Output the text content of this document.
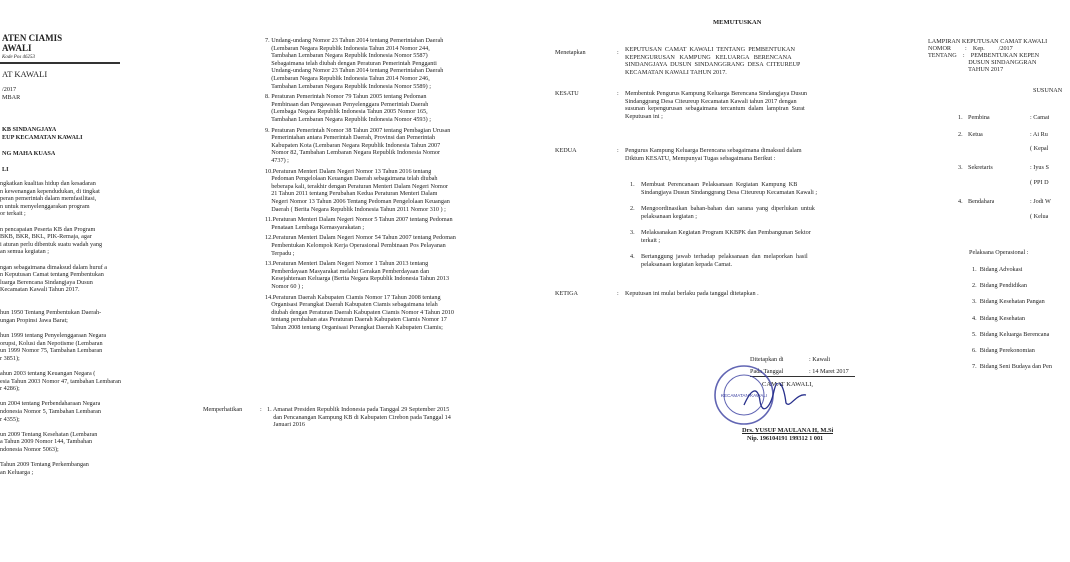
ATEN CIAMIS
AWALI
Kode Pos 46253
AT KAWALI
/2017
MBAR
KB SINDANGJAYA
EUP KECAMATAN KAWALI
NG MAHA KUASA
LI
ngkatkan kualitas hidup dan kesadaran
n kewenangan kependudukan, di tingkat
peran pemerintah dalam memfasilitasi,
n untuk menyelenggarakan program
or terkait ;
n pencapaian Peserta KB dan Program
BKB, BKR, BKL, PIK-Remaja, agar
i aturan perlu dibentuk suatu wadah yang
an semua kegiatan ;
ngan sebagaimana dimaksud dalam huruf a
n Keputusan Camat tentang Pembentukan
luarga Berencana Sindangjaya Dusun
Kecamatan Kawali Tahun 2017.
hun 1950 Tentang Pembentukan Daerah-
ungan Propinsi Jawa Barat;
hun 1999 tentang Penyelenggaraan Negara
orupsi, Kolusi dan Nepotisme (Lembaran
un 1999 Nomor 75, Tambahan Lembaran
r 3851);
ahun 2003 tentang Keuangan Negara (
esia Tahun 2003 Nomor 47, tambahan Lembaran
r 4286);
un 2004 tentang Perbendaharaan Negara
ndonesia Nomor 5, Tambahan Lembaran
r 4355);
un 2009 Tentang Kesehatan (Lembaran
a Tahun 2009 Nomor 144, Tambahan
ndonesia Nomor 5063);
Tahun 2009 Tentang Perkembangan
an Keluarga ;
7. Undang-undang Nomor 23 Tahun 2014 tentang Pemerintahan Daerah
(Lembaran Negara Republik Indonesia Tahun 2014 Nomor 244,
Tambahan Lembaran Negara Republik Indonesia Nomor 5587)
Sebagaimana telah diubah dengan Peraturan Pemerintah Pengganti
Undang-undang Nomor 23 Tahun 2014 tentang Pemerintahan Daerah
(Lembaran Negara Republik Indonesia Tahun 2014 Nomor 246,
Tambahan Lembaran Negara Republik Indonesia Nomor 5589) ;
8. Peraturan Pemerintah Nomor 79 Tahun 2005 tentang Pedoman
Pembinaan dan Pengawasan Penyelenggara Pemerintah Daerah
(Lembaga Negara Republik Indonesia Tahun 2005 Nomor 165,
Tambahan Lembaran Negara Republik Indonesia Nomor 4593) ;
9. Peraturan Pemerintah Nomor 38 Tahun 2007 tentang Pembagian Urusan
Pemerintahan antara Pemerintah Daerah, Provinsi dan Pemerintah
Kabupaten Kota (Lembaran Negara Republik Indonesia Tahun 2007
Nomor 82, Tambahan Lembaran Negara Republik Indonesia Nomor
4737) ;
10.Peraturan Menteri Dalam Negeri Nomor 13 Tahun 2016 tentang
Pedoman Pengelolaan Keuangan Daerah sebagaimana telah diubah
beberapa kali, terakhir dengan Peraturan Menteri Dalam Negeri Nomor
21 Tahun 2011 tentang Perubahan Kedua Peraturan Menteri Dalam
Negeri Nomor 13 Tahun 2006 Tentang Pedoman Pengelolaan Keuangan
Daerah ( Berita Negara Republik Indonesia Tahun 2011 Nomor 310 ) ;
11.Peraturan Menteri Dalam Negeri Nomor 5 Tahun 2007 tentang Pedoman
Penataan Lembaga Kemasyarakatan ;
12.Peraturan Menteri Dalam Negeri Nomor 54 Tahun 2007 tentang Pedoman
Pembentukan Kelompok Kerja Operasional Pembinaan Pos Pelayanan
Terpadu ;
13.Peraturan Menteri Dalam Negeri Nomor 1 Tahun 2013 tentang
Pemberdayaan Masyarakat melalui Gerakan Pemberdayaan dan
Kesejahteraan Keluarga (Berita Negara Republik Indonesia Tahun 2013
Nomor 60 ) ;
14.Peraturan Daerah Kabupaten Ciamis Nomor 17 Tahun 2008 tentang
Organisasi Perangkat Daerah Kabupaten Ciamis sebagaimana telah
diubah dengan Peraturan Daerah Kabupaten Ciamis Nomor 4 Tahun 2010
tentang perubahan atas Peraturan Daerah Kabupaten Ciamis Nomor 17
Tahun 2008 tentang Organisasi Perangkat Daerah Kabupaten Ciamis;
Memperhatikan	: 1. Amanat Presiden Republik Indonesia pada Tanggal 29 September 2015
dan Pencanangan Kampung KB di Kabupaten Cirebon pada Tanggal 14
Januari 2016
MEMUTUSKAN
Menetapkan	: KEPUTUSAN  CAMAT  KAWALI  TENTANG  PEMBENTUKAN
KEPENGURUSAN   KAMPUNG   KELUARGA   BERENCANA
SINDANGJAYA  DUSUN  SINDANGGRANG  DESA  CITEUREUP
KECAMATAN KAWALI TAHUN 2017.
KESATU	: Membentuk Pengurus Kampung Keluarga Berencana Sindangjaya Dusun
Sindanggrang Desa Citeureup Kecamatan Kawali tahun 2017 dengan
susunan  kepengurusan  sebagaimana  tercantum  dalam  lampiran  Surat
Keputusan ini ;
KEDUA	: Pengurus Kampung Keluarga Berencana sebagaimana dimaksud dalam
Diktum KESATU, Mempunyai Tugas sebagaimana Berikut :
1. Membuat  Perencanaan  Pelaksanaan  Kegiatan  Kampung  KB
Sindangjaya Dusun Sindanggrang Desa Citeureup Kecamatan Kawali ;
2. Mengoordinasikan  bahan-bahan  dan  sarana  yang  diperlukan  untuk
pelaksanaan kegiatan ;
3. Melaksanakan Kegiatan Program KKBPK dan Pembangunan Sektor
terkait ;
4. Bertanggung  jawab  terhadap  pelaksanaan  dan  melaporkan  hasil
pelaksanaan kegiatan kepada Camat.
KETIGA	: Keputusan ini mulai berlaku pada tanggal ditetapkan .
Ditetapkan di	: Kawali
Pada Tanggal	: 14 Maret 2017
CAMAT KAWALI,
KECAMATAN KAWALI
Drs. YUSUF MAULANA H, M.Si
Nip. 196104191 199312 1 001
LAMPIRAN KEPUTUSAN CAMAT KAWALI
NOMOR         :    Kep.         /2017
TENTANG    :    PEMBENTUKAN KEPEN
DUSUN SINDANGGRAN
TAHUN 2017
SUSUNAN
1. Pembina	: Camat
2. Ketua	: Ai Ru
( Kepal
3. Sekretaris	: Iyus S
( PPI D
4. Bendahara	: Jodi W
( Kelua
Pelaksana Operasional :
1.  Bidang Advokasi
2.  Bidang Pendidikan
3.  Bidang Kesehatan Pangan
4.  Bidang Kesehatan
5.  Bidang Keluarga Berencana
6.  Bidang Perekonomian
7.  Bidang Seni Budaya dan Pen
